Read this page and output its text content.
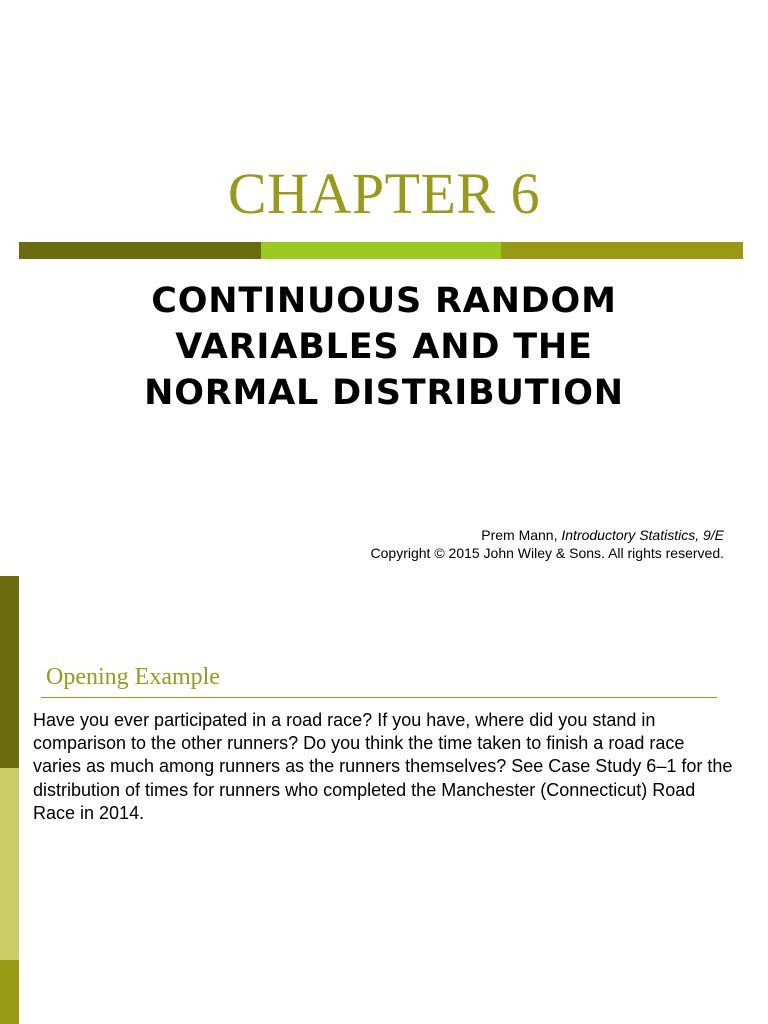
CHAPTER 6
CONTINUOUS RANDOM VARIABLES AND THE NORMAL DISTRIBUTION
Prem Mann, Introductory Statistics, 9/E
Copyright © 2015 John Wiley & Sons. All rights reserved.
Opening Example
Have you ever participated in a road race? If you have, where did you stand in comparison to the other runners? Do you think the time taken to finish a road race varies as much among runners as the runners themselves? See Case Study 6–1 for the distribution of times for runners who completed the Manchester (Connecticut) Road Race in 2014.
